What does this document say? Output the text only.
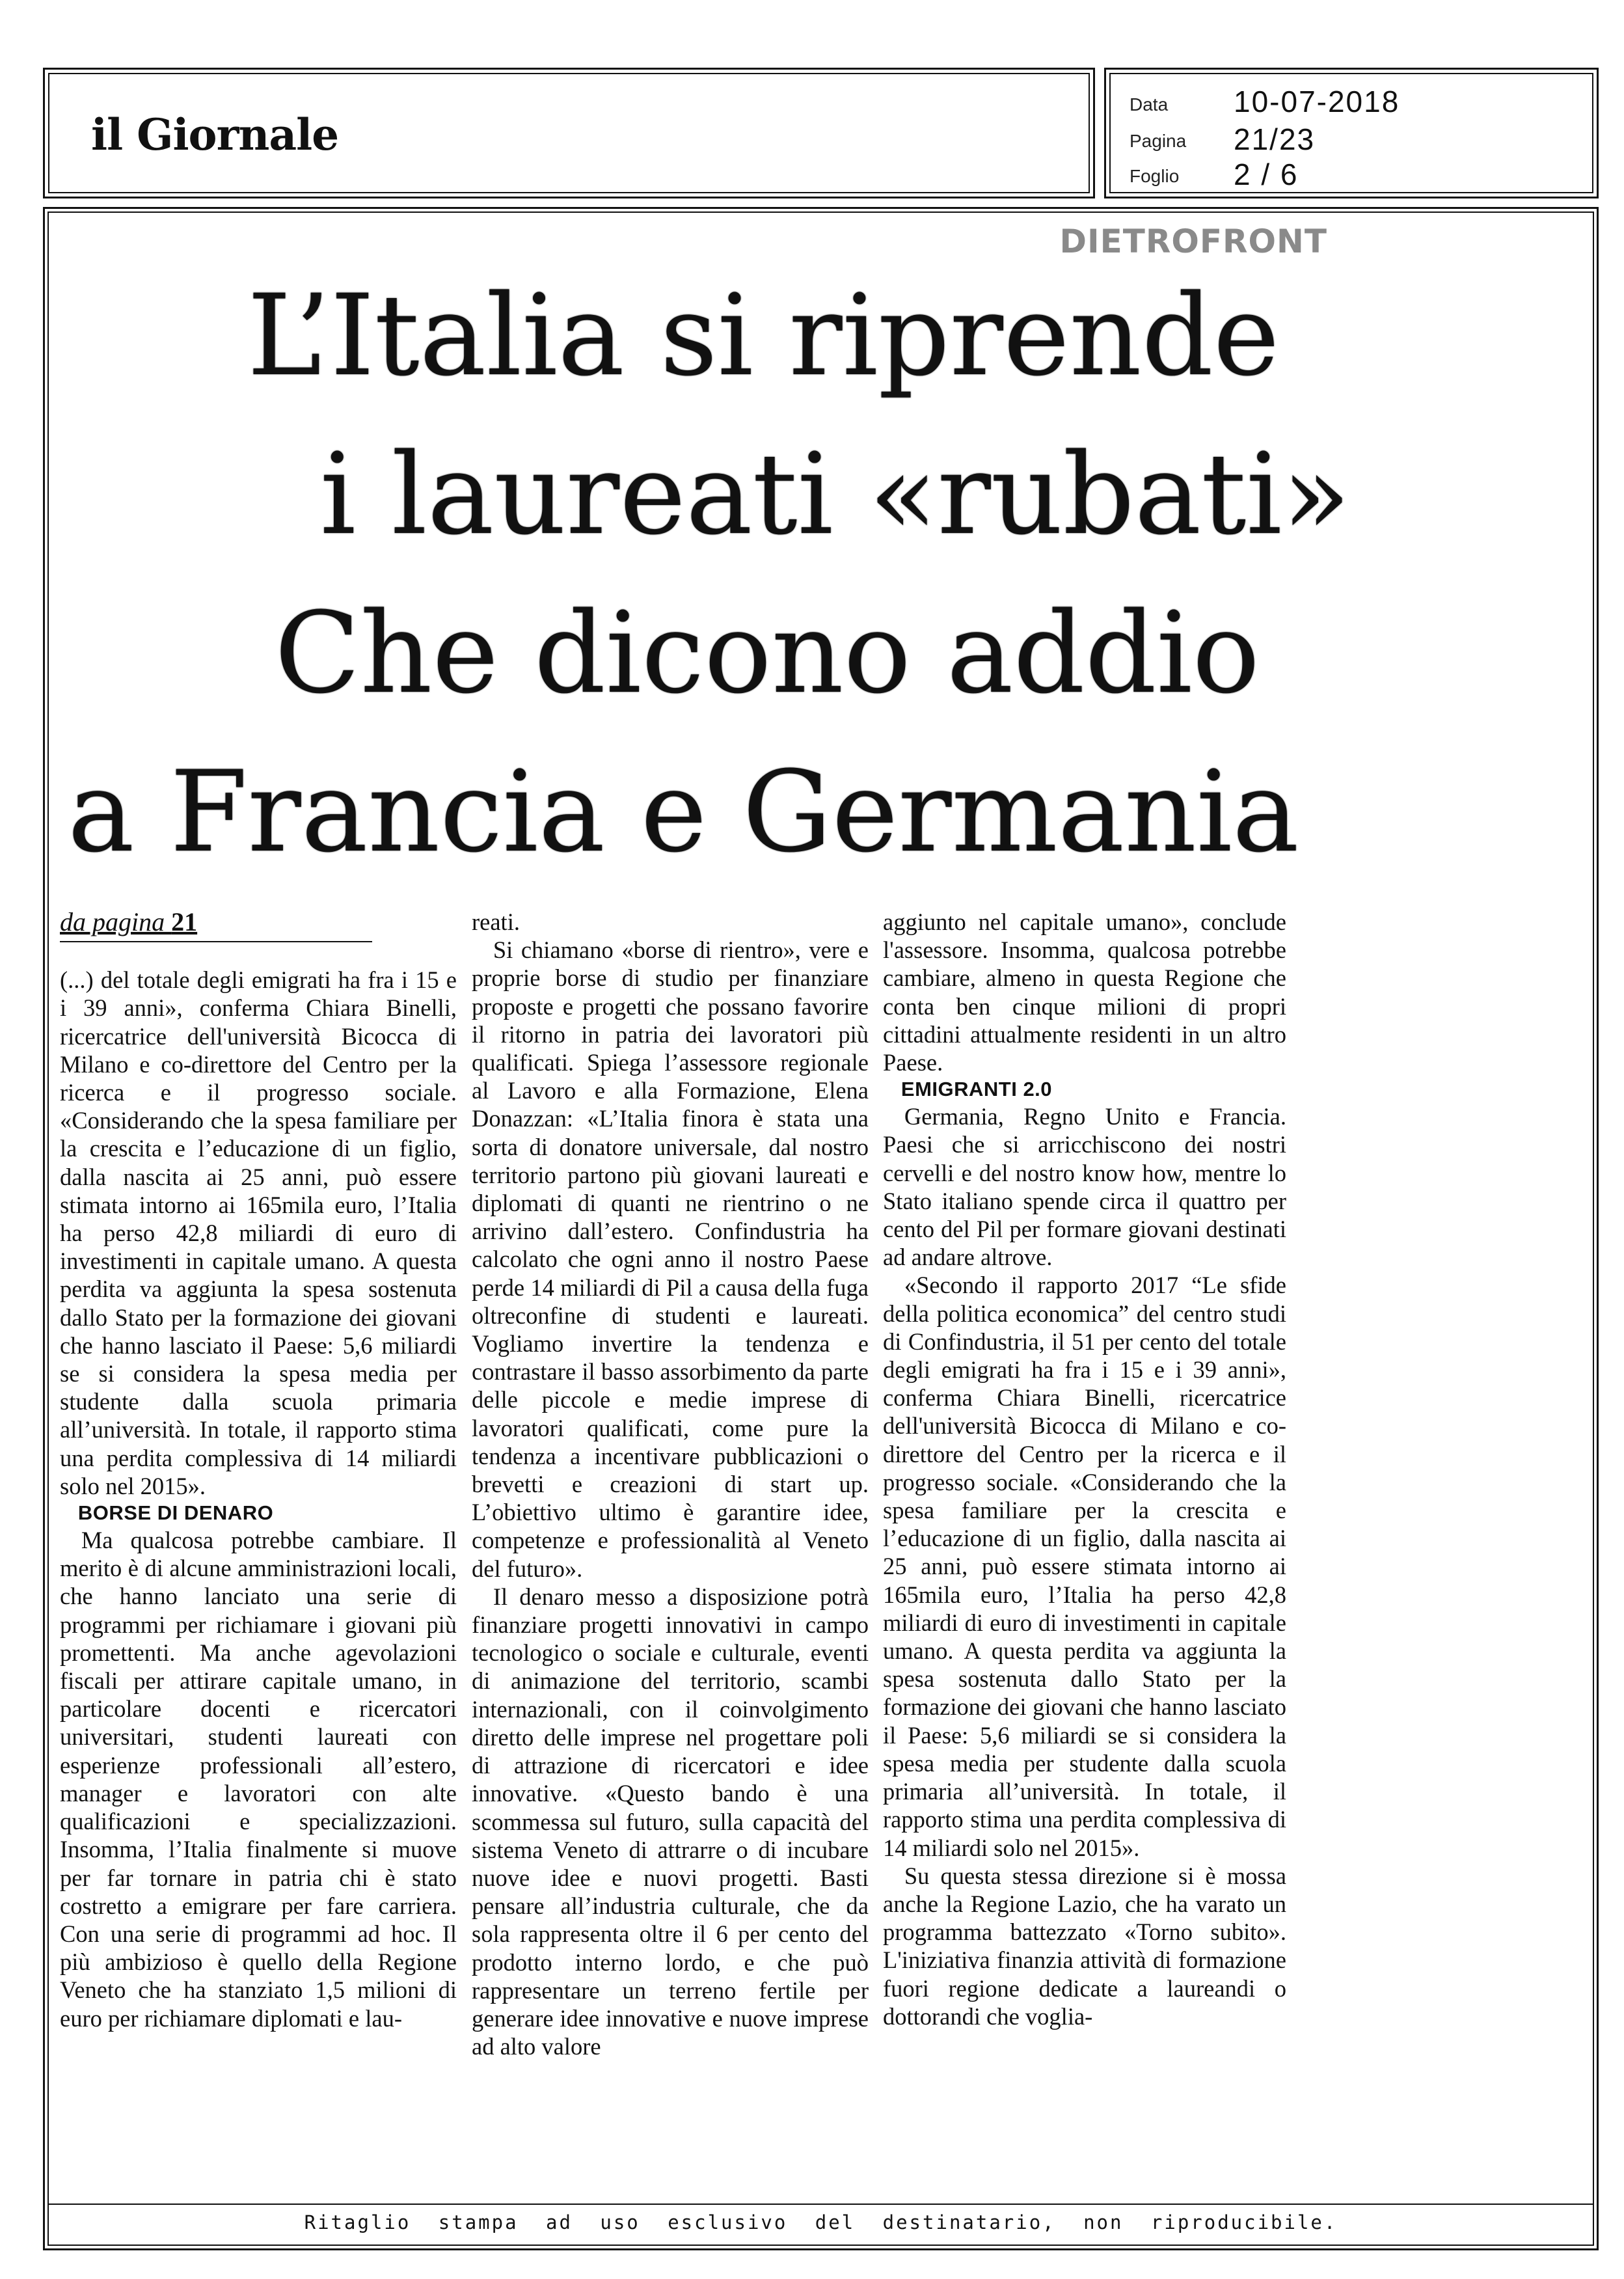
il Giornale
Data	10-07-2018
Pagina	21/23
Foglio	2 / 6
DIETROFRONT
L’Italia si riprende
i laureati «rubati»
Che dicono addio
a Francia e Germania
da pagina 21

(...) del totale degli emigrati ha fra i 15 e i 39 anni», conferma Chiara Binelli, ricercatrice dell'università Bicocca di Milano e co-direttore del Centro per la ricerca e il progresso sociale. «Considerando che la spesa familiare per la crescita e l’educazione di un figlio, dalla nascita ai 25 anni, può essere stimata intorno ai 165mila euro, l’Italia ha perso 42,8 miliardi di euro di investimenti in capitale umano. A questa perdita va aggiunta la spesa sostenuta dallo Stato per la formazione dei giovani che hanno lasciato il Paese: 5,6 miliardi se si considera la spesa media per studente dalla scuola primaria all’università. In totale, il rapporto stima una perdita complessiva di 14 miliardi solo nel 2015».

BORSE DI DENARO

Ma qualcosa potrebbe cambiare. Il merito è di alcune amministrazioni locali, che hanno lanciato una serie di programmi per richiamare i giovani più promettenti. Ma anche agevolazioni fiscali per attirare capitale umano, in particolare docenti e ricercatori universitari, studenti laureati con esperienze professionali all’estero, manager e lavoratori con alte qualificazioni e specializzazioni. Insomma, l’Italia finalmente si muove per far tornare in patria chi è stato costretto a emigrare per fare carriera. Con una serie di programmi ad hoc. Il più ambizioso è quello della Regione Veneto che ha stanziato 1,5 milioni di euro per richiamare diplomati e lau-

reati.

Si chiamano «borse di rientro», vere e proprie borse di studio per finanziare proposte e progetti che possano favorire il ritorno in patria dei lavoratori più qualificati. Spiega l’assessore regionale al Lavoro e alla Formazione, Elena Donazzan: «L’Italia finora è stata una sorta di donatore universale, dal nostro territorio partono più giovani laureati e diplomati di quanti ne rientrino o ne arrivino dall’estero. Confindustria ha calcolato che ogni anno il nostro Paese perde 14 miliardi di Pil a causa della fuga oltreconfine di studenti e laureati. Vogliamo invertire la tendenza e contrastare il basso assorbimento da parte delle piccole e medie imprese di lavoratori qualificati, come pure la tendenza a incentivare pubblicazioni o brevetti e creazioni di start up. L’obiettivo ultimo è garantire idee, competenze e professionalità al Veneto del futuro».

Il denaro messo a disposizione potrà finanziare progetti innovativi in campo tecnologico o sociale e culturale, eventi di animazione del territorio, scambi internazionali, con il coinvolgimento diretto delle imprese nel progettare poli di attrazione di ricercatori e idee innovative. «Questo bando è una scommessa sul futuro, sulla capacità del sistema Veneto di attrarre o di incubare nuove idee e nuovi progetti. Basti pensare all’industria culturale, che da sola rappresenta oltre il 6 per cento del prodotto interno lordo, e che può rappresentare un terreno fertile per generare idee innovative e nuove imprese ad alto valore

aggiunto nel capitale umano», conclude l'assessore. Insomma, qualcosa potrebbe cambiare, almeno in questa Regione che conta ben cinque milioni di propri cittadini attualmente residenti in un altro Paese.

EMIGRANTI 2.0

Germania, Regno Unito e Francia. Paesi che si arricchiscono dei nostri cervelli e del nostro know how, mentre lo Stato italiano spende circa il quattro per cento del Pil per formare giovani destinati ad andare altrove.

«Secondo il rapporto 2017 “Le sfide della politica economica” del centro studi di Confindustria, il 51 per cento del totale degli emigrati ha fra i 15 e i 39 anni», conferma Chiara Binelli, ricercatrice dell'università Bicocca di Milano e co-direttore del Centro per la ricerca e il progresso sociale. «Considerando che la spesa familiare per la crescita e l’educazione di un figlio, dalla nascita ai 25 anni, può essere stimata intorno ai 165mila euro, l’Italia ha perso 42,8 miliardi di euro di investimenti in capitale umano. A questa perdita va aggiunta la spesa sostenuta dallo Stato per la formazione dei giovani che hanno lasciato il Paese: 5,6 miliardi se si considera la spesa media per studente dalla scuola primaria all’università. In totale, il rapporto stima una perdita complessiva di 14 miliardi solo nel 2015».

Su questa stessa direzione si è mossa anche la Regione Lazio, che ha varato un programma battezzato «Torno subito». L'iniziativa finanzia attività di formazione fuori regione dedicate a laureandi o dottorandi che voglia-

Ritaglio stampa ad uso esclusivo del destinatario, non riproducibile.
